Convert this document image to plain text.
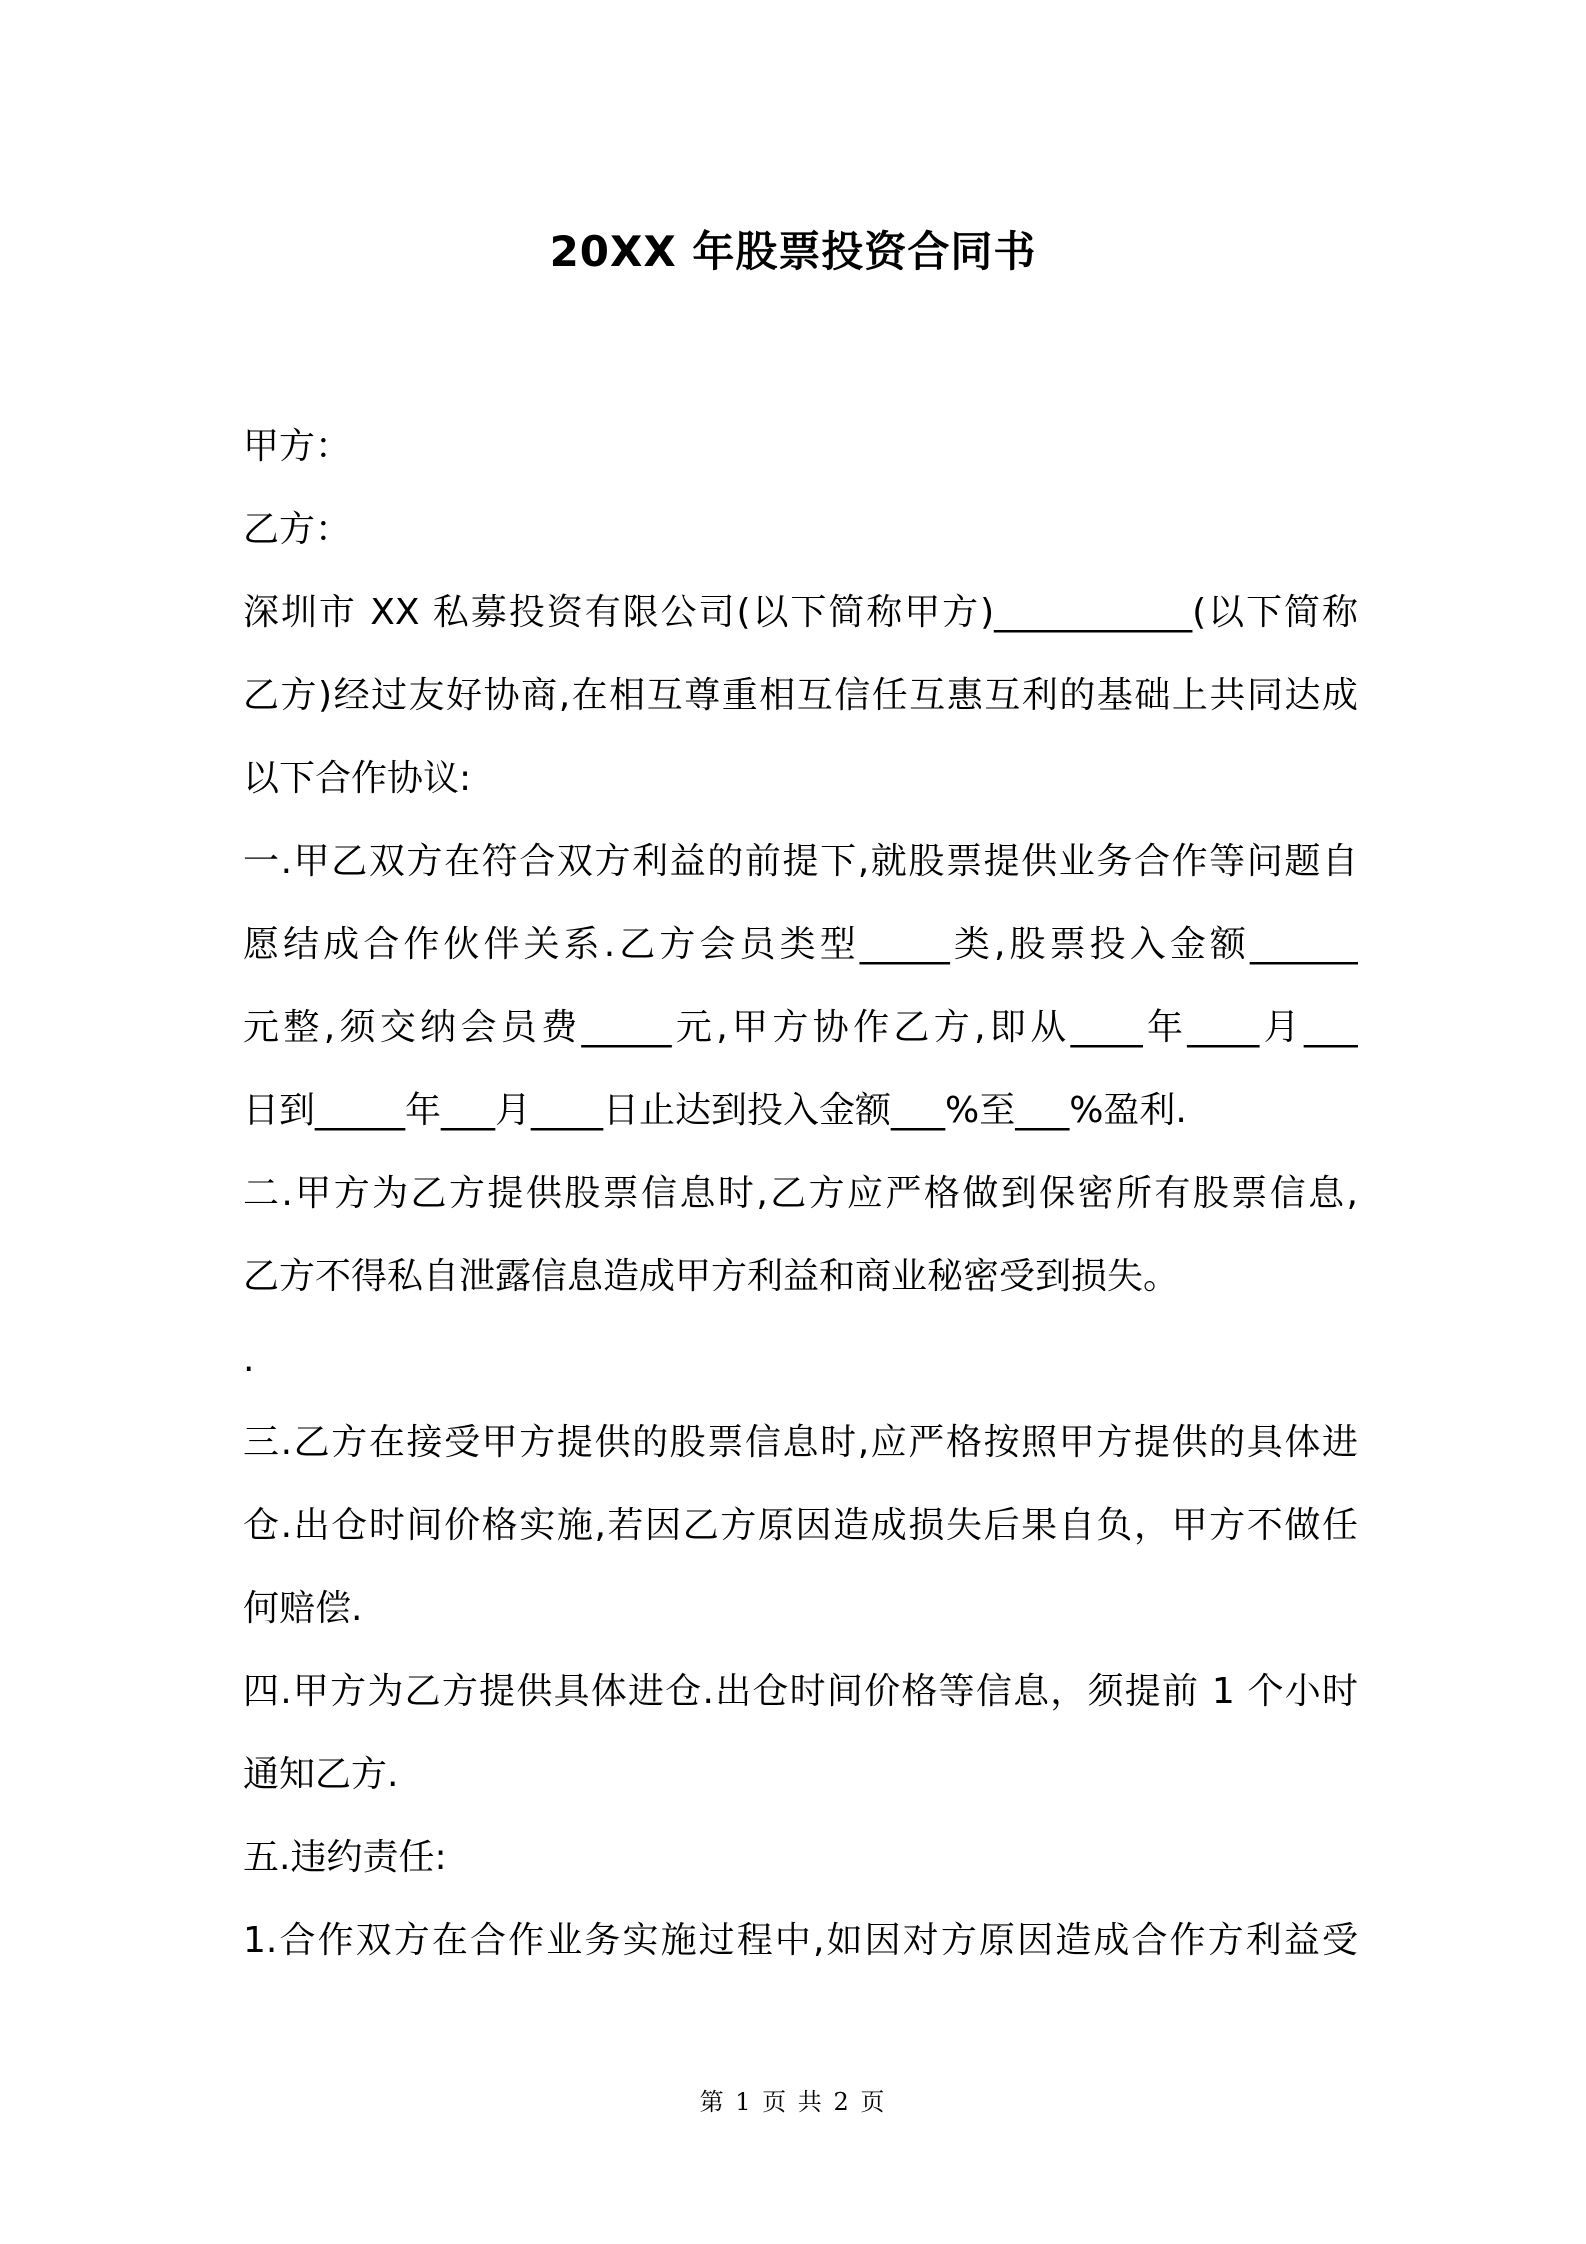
20XX 年股票投资合同书
甲方：
乙方：
深圳市 XX 私募投资有限公司(以下简称甲方)___________(以下简称
乙方)经过友好协商,在相互尊重相互信任互惠互利的基础上共同达成
以下合作协议:
一.甲乙双方在符合双方利益的前提下,就股票提供业务合作等问题自
愿结成合作伙伴关系.乙方会员类型_____类,股票投入金额______
元整,须交纳会员费_____元,甲方协作乙方,即从____年____月___
日到_____年___月____日止达到投入金额___%至___%盈利.
二.甲方为乙方提供股票信息时,乙方应严格做到保密所有股票信息,
乙方不得私自泄露信息造成甲方利益和商业秘密受到损失。
.
三.乙方在接受甲方提供的股票信息时,应严格按照甲方提供的具体进
仓.出仓时间价格实施,若因乙方原因造成损失后果自负，甲方不做任
何赔偿.
四.甲方为乙方提供具体进仓.出仓时间价格等信息，须提前 1 个小时
通知乙方.
五.违约责任:
1.合作双方在合作业务实施过程中,如因对方原因造成合作方利益受
第 1 页 共 2 页
